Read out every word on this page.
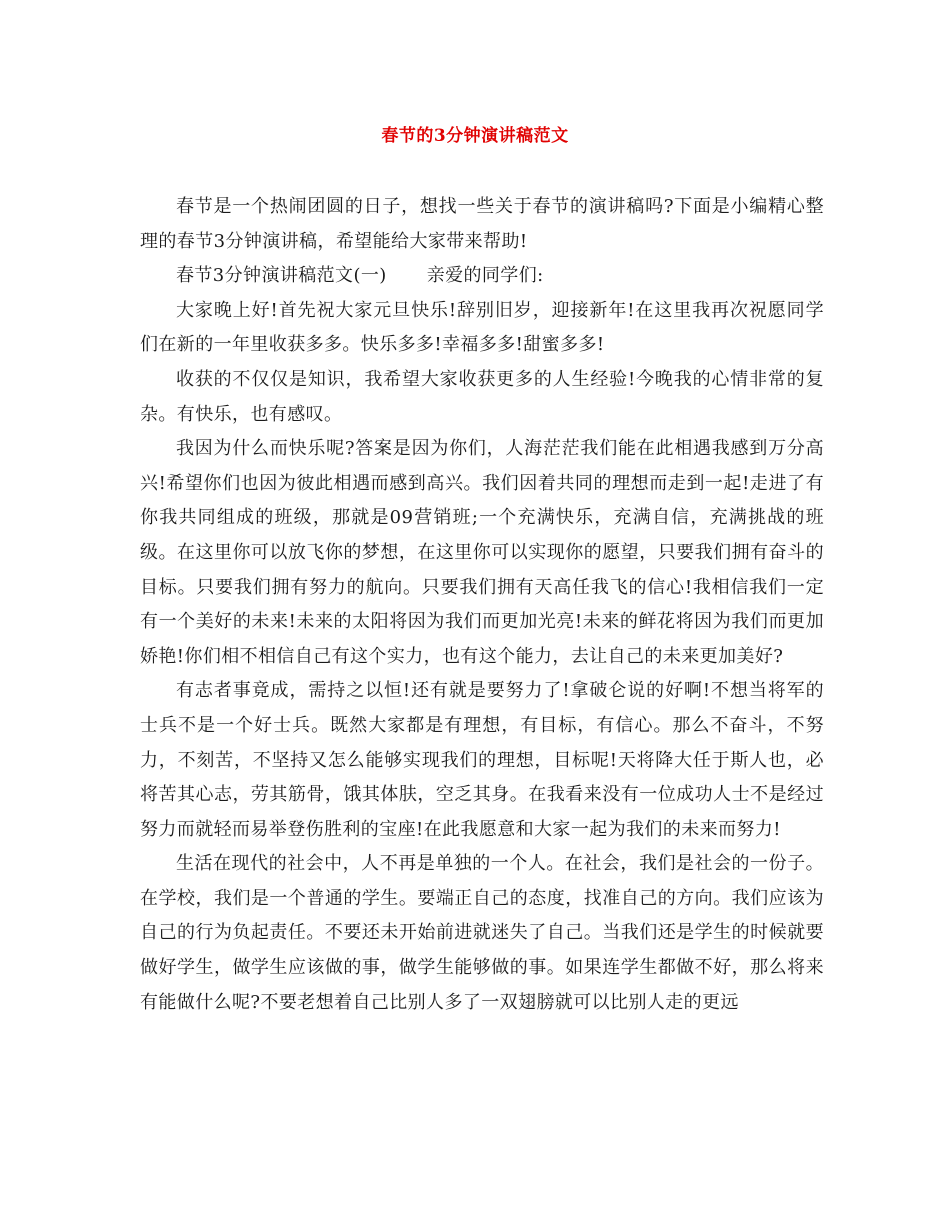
春节的3分钟演讲稿范文

春节是一个热闹团圆的日子，想找一些关于春节的演讲稿吗?下面是小编精心整理的春节3分钟演讲稿，希望能给大家带来帮助!

春节3分钟演讲稿范文(一) 亲爱的同学们:

大家晚上好!首先祝大家元旦快乐!辞别旧岁，迎接新年!在这里我再次祝愿同学们在新的一年里收获多多。快乐多多!幸福多多!甜蜜多多!

收获的不仅仅是知识，我希望大家收获更多的人生经验!今晚我的心情非常的复杂。有快乐，也有感叹。

我因为什么而快乐呢?答案是因为你们，人海茫茫我们能在此相遇我感到万分高兴!希望你们也因为彼此相遇而感到高兴。我们因着共同的理想而走到一起!走进了有你我共同组成的班级，那就是09营销班;一个充满快乐，充满自信，充满挑战的班级。在这里你可以放飞你的梦想，在这里你可以实现你的愿望，只要我们拥有奋斗的目标。只要我们拥有努力的航向。只要我们拥有天高任我飞的信心!我相信我们一定有一个美好的未来!未来的太阳将因为我们而更加光亮!未来的鲜花将因为我们而更加娇艳!你们相不相信自己有这个实力，也有这个能力，去让自己的未来更加美好?

有志者事竟成，需持之以恒!还有就是要努力了!拿破仑说的好啊!不想当将军的士兵不是一个好士兵。既然大家都是有理想，有目标，有信心。那么不奋斗，不努力，不刻苦，不坚持又怎么能够实现我们的理想，目标呢!天将降大任于斯人也，必将苦其心志，劳其筋骨，饿其体肤，空乏其身。在我看来没有一位成功人士不是经过努力而就轻而易举登伤胜利的宝座!在此我愿意和大家一起为我们的未来而努力!

生活在现代的社会中，人不再是单独的一个人。在社会，我们是社会的一份子。在学校，我们是一个普通的学生。要端正自己的态度，找准自己的方向。我们应该为自己的行为负起责任。不要还未开始前进就迷失了自己。当我们还是学生的时候就要做好学生，做学生应该做的事，做学生能够做的事。如果连学生都做不好，那么将来有能做什么呢?不要老想着自己比别人多了一双翅膀就可以比别人走的更远
